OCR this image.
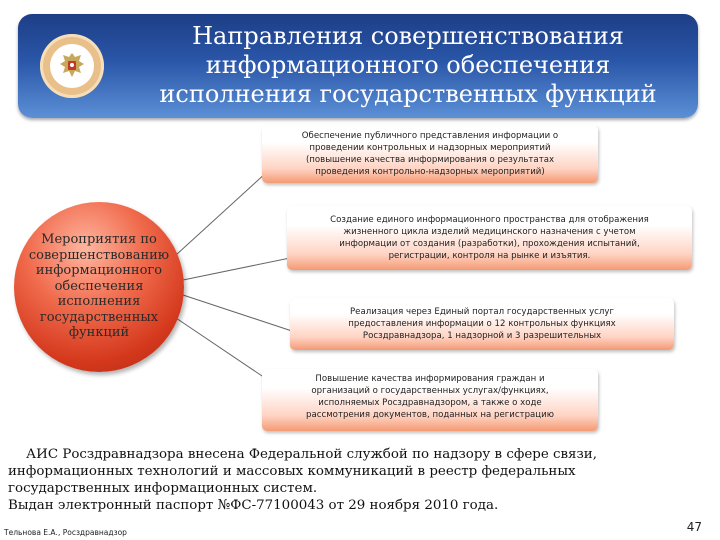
Направления совершенствования
информационного обеспечения
исполнения государственных функций
Мероприятия по
совершенствованию
информационного
обеспечения
исполнения
государственных
функций
Обеспечение публичного представления информации о
проведении контрольных и надзорных мероприятий
(повышение качества информирования о результатах
проведения контрольно-надзорных мероприятий)
Создание единого информационного пространства для отображения
жизненного цикла изделий медицинского назначения с учетом
информации от создания (разработки), прохождения испытаний,
регистрации, контроля на рынке и изъятия.
Реализация через Единый портал государственных услуг
предоставления информации о 12 контрольных функциях
Росздравнадзора, 1 надзорной и 3 разрешительных
Повышение качества информирования граждан и
организаций о государственных услугах/функциях,
исполняемых Росздравнадзором, а также о ходе
рассмотрения документов, поданных на регистрацию
АИС Росздравнадзора внесена Федеральной службой по надзору в сфере связи,
информационных технологий и массовых коммуникаций в реестр федеральных
государственных информационных систем.
Выдан электронный паспорт №ФС-77100043 от 29 ноября 2010 года.
Тельнова Е.А., Росздравнадзор	47
